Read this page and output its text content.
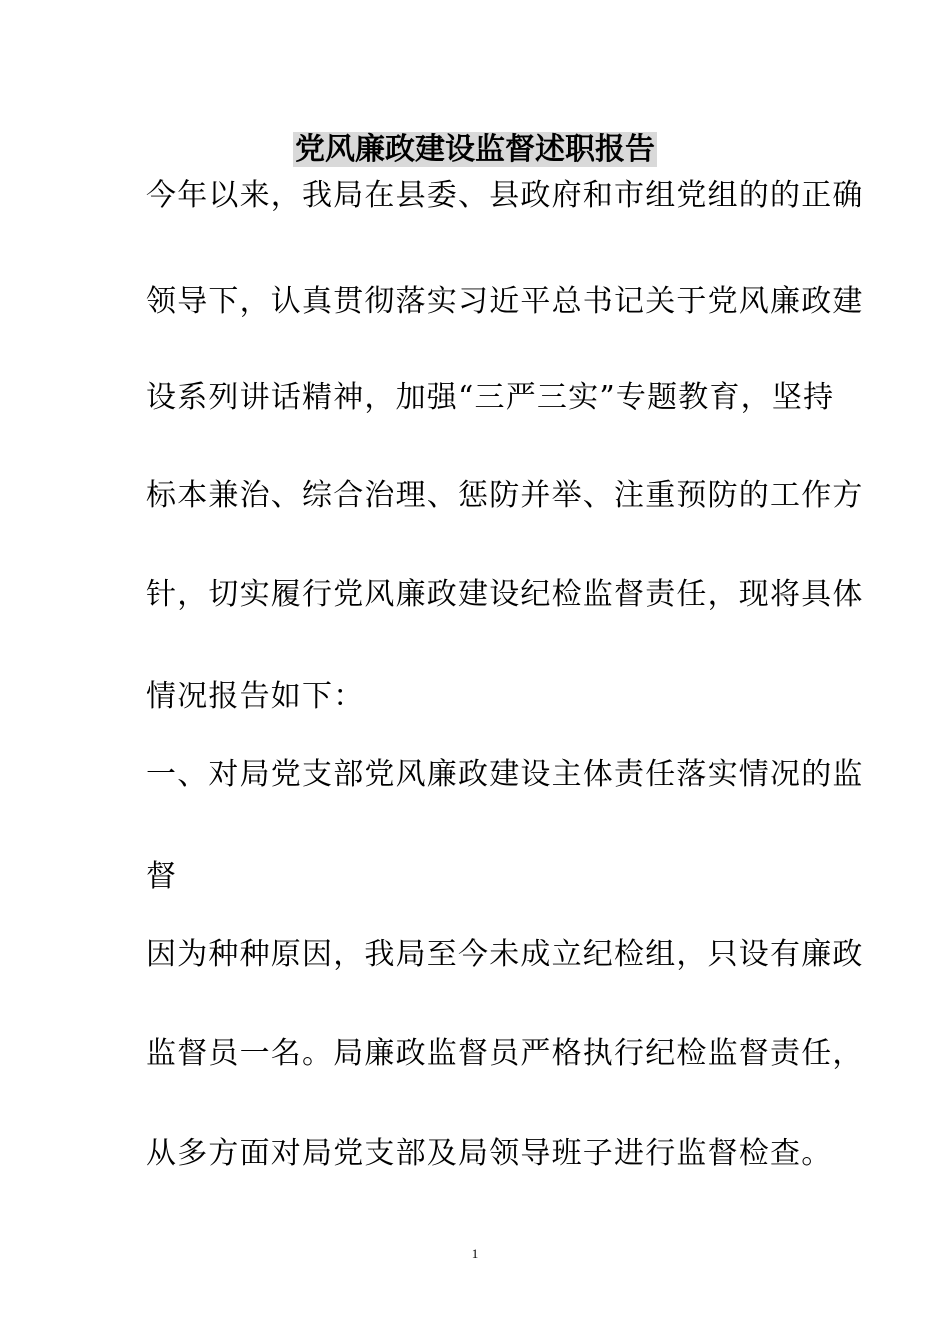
党风廉政建设监督述职报告
今年以来，我局在县委、县政府和市组党组的的正确
领导下，认真贯彻落实习近平总书记关于党风廉政建
设系列讲话精神，加强“三严三实”专题教育，坚持
标本兼治、综合治理、惩防并举、注重预防的工作方
针，切实履行党风廉政建设纪检监督责任，现将具体
情况报告如下：
一、对局党支部党风廉政建设主体责任落实情况的监
督
因为种种原因，我局至今未成立纪检组，只设有廉政
监督员一名。局廉政监督员严格执行纪检监督责任，
从多方面对局党支部及局领导班子进行监督检查。
1
